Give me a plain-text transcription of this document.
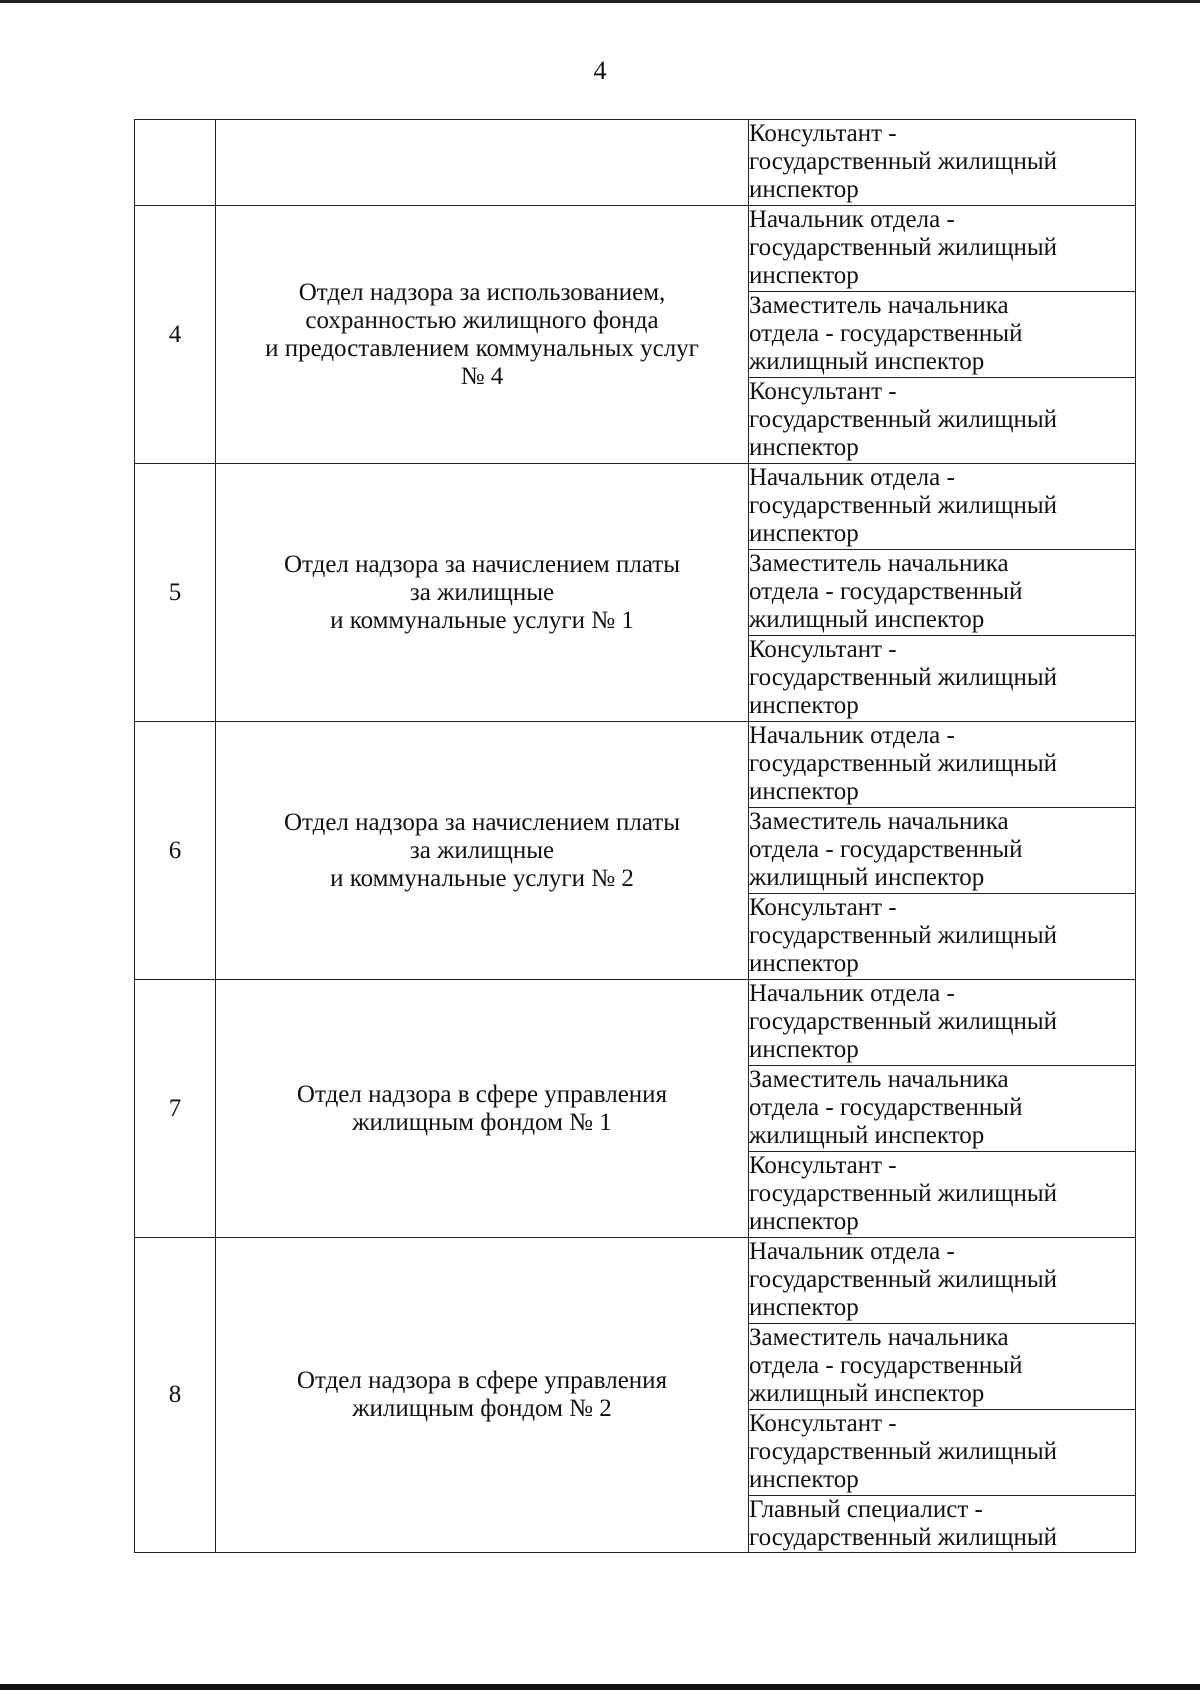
4
		Консультант -
государственный жилищный
инспектор
4	Отдел надзора за использованием,
сохранностью жилищного фонда
и предоставлением коммунальных услуг
№ 4	Начальник отдела -
государственный жилищный
инспектор
		Заместитель начальника
отдела - государственный
жилищный инспектор
		Консультант -
государственный жилищный
инспектор
5	Отдел надзора за начислением платы
за жилищные
и коммунальные услуги № 1	Начальник отдела -
государственный жилищный
инспектор
		Заместитель начальника
отдела - государственный
жилищный инспектор
		Консультант -
государственный жилищный
инспектор
6	Отдел надзора за начислением платы
за жилищные
и коммунальные услуги № 2	Начальник отдела -
государственный жилищный
инспектор
		Заместитель начальника
отдела - государственный
жилищный инспектор
		Консультант -
государственный жилищный
инспектор
7	Отдел надзора в сфере управления
жилищным фондом № 1	Начальник отдела -
государственный жилищный
инспектор
		Заместитель начальника
отдела - государственный
жилищный инспектор
		Консультант -
государственный жилищный
инспектор
8	Отдел надзора в сфере управления
жилищным фондом № 2	Начальник отдела -
государственный жилищный
инспектор
		Заместитель начальника
отдела - государственный
жилищный инспектор
		Консультант -
государственный жилищный
инспектор
		Главный специалист -
государственный жилищный
